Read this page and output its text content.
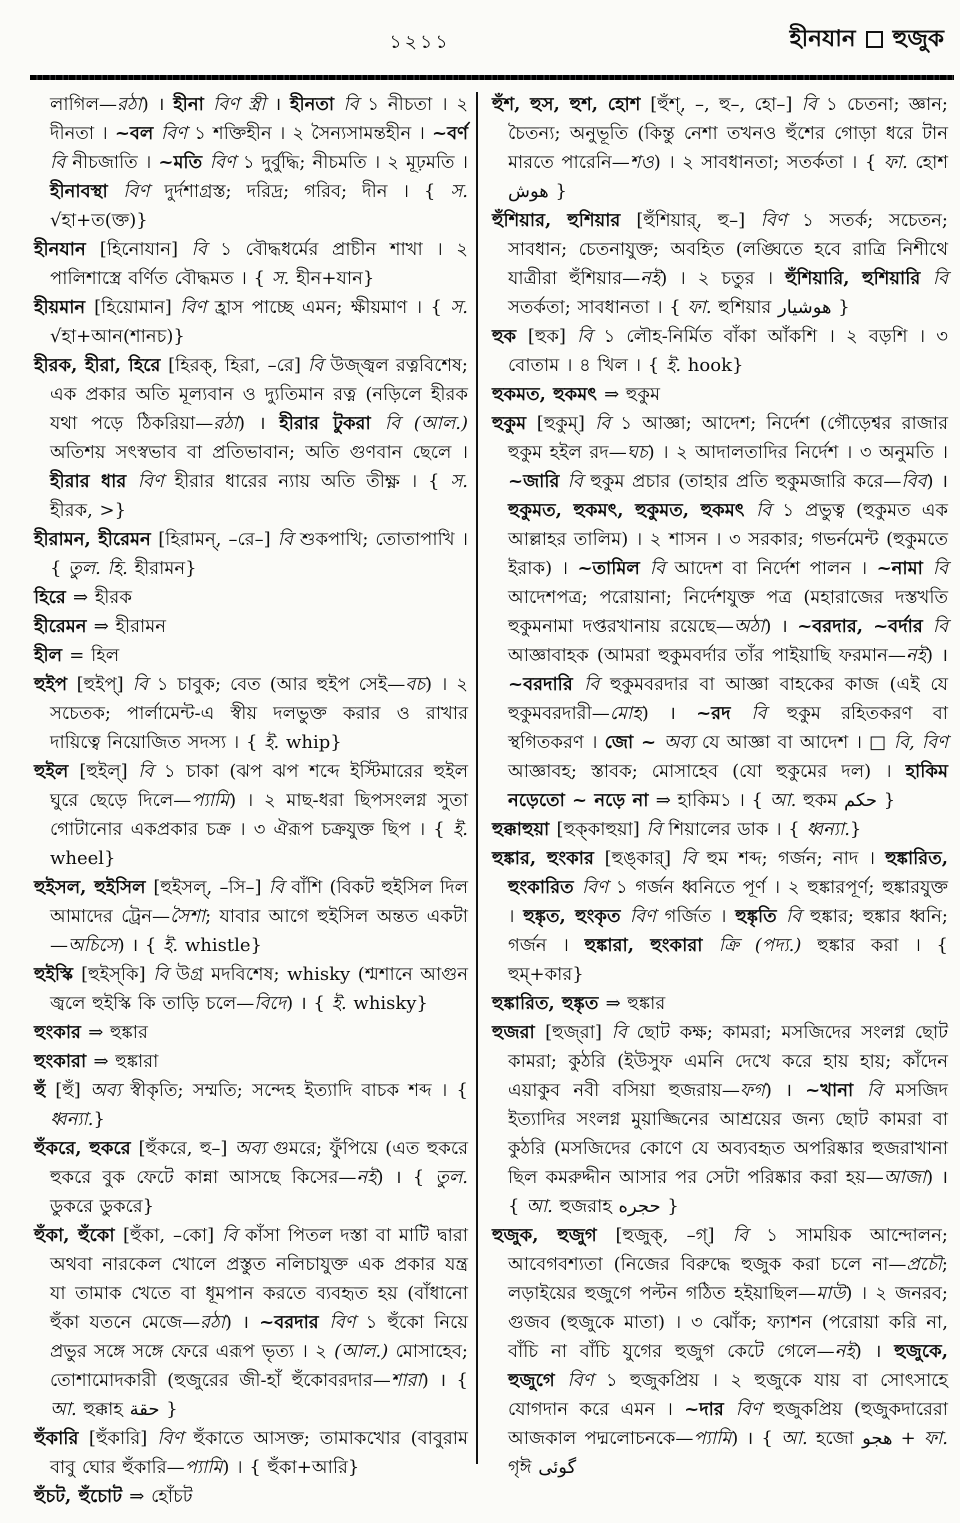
১২১১	হীনযান হুজুক

লাগিল—রঠা) । হীনা বিণ স্ত্রী । হীনতা বি ১ নীচতা । ২ দীনতা । ~বল বিণ ১ শক্তিহীন । ২ সৈন্যসামন্তহীন । ~বর্ণ বি নীচজাতি । ~মতি বিণ ১ দুর্বুদ্ধি; নীচমতি । ২ মূঢ়মতি । হীনাবস্থা বিণ দুর্দশাগ্রস্ত; দরিদ্র; গরিব; দীন । { স. √হা+ত(ক্ত)}

হীনযান [হিনোযান] বি ১ বৌদ্ধধর্মের প্রাচীন শাখা । ২ পালিশাস্ত্রে বর্ণিত বৌদ্ধমত । { স. হীন+যান}

হীয়মান [হিয়োমান] বিণ হ্রাস পাচ্ছে এমন; ক্ষীয়মাণ । { স. √হা+আন(শানচ)}

হীরক, হীরা, হিরে [হিরক্, হিরা, –রে] বি উজ্জ্বল রত্নবিশেষ; এক প্রকার অতি মূল্যবান ও দ্যুতিমান রত্ন (নড়িলে হীরক যথা পড়ে ঠিকরিয়া—রঠা) । হীরার টুকরা বি (আল.) অতিশয় সৎস্বভাব বা প্রতিভাবান; অতি গুণবান ছেলে । হীরার ধার বিণ হীরার ধারের ন্যায় অতি তীক্ষ্ণ । { স. হীরক, >}

হীরামন, হীরেমন [হিরামন্, –রে–] বি শুকপাখি; তোতাপাখি । { তুল. হি. হীরামন}

হিরে ⇒ হীরক

হীরেমন ⇒ হীরামন

হীল = হিল

হুইপ [হুইপ্] বি ১ চাবুক; বেত (আর হুইপ সেই—বচ) । ২ সচেতক; পার্লামেন্ট-এ স্বীয় দলভুক্ত করার ও রাখার দায়িত্বে নিয়োজিত সদস্য । { ই. whip}

হুইল [হুইল্] বি ১ চাকা (ঝপ ঝপ শব্দে ইস্টিমারের হুইল ঘুরে ছেড়ে দিলে—প্যামি) । ২ মাছ-ধরা ছিপসংলগ্ন সুতা গোটানোর একপ্রকার চক্র । ৩ ঐরূপ চক্রযুক্ত ছিপ । { ই. wheel}

হুইসল, হুইসিল [হুইসল্, –সি–] বি বাঁশি (বিকট হুইসিল দিল আমাদের ট্রেন—সৈশা; যাবার আগে হুইসিল অন্তত একটা—অচিসে) । { ই. whistle}

হুইস্কি [হুইস্‌কি] বি উগ্র মদবিশেষ; whisky (শ্মশানে আগুন জ্বলে হুইস্কি কি তাড়ি চলে—বিদে) । { ই. whisky}

হুংকার ⇒ হুঙ্কার

হুংকারা ⇒ হুঙ্কারা

হুঁ [হুঁ] অব্য স্বীকৃতি; সম্মতি; সন্দেহ ইত্যাদি বাচক শব্দ । { ধ্বন্যা.}

হুঁকরে, হুকরে [হুঁকরে, হু–] অব্য গুমরে; ফুঁপিয়ে (এত হুকরে হুকরে বুক ফেটে কান্না আসছে কিসের—নই) । { তুল. ডুকরে ডুকরে}

হুঁকা, হুঁকো [হুঁকা, –কো] বি কাঁসা পিতল দস্তা বা মাটি দ্বারা অথবা নারকেল খোলে প্রস্তুত নলিচাযুক্ত এক প্রকার যন্ত্র যা তামাক খেতে বা ধূমপান করতে ব্যবহৃত হয় (বাঁধানো হুঁকা যতনে মেজে—রঠা) । ~বরদার বিণ ১ হুঁকো নিয়ে প্রভুর সঙ্গে সঙ্গে ফেরে এরূপ ভৃত্য । ২ (আল.) মোসাহেব; তোশামোদকারী (হুজুরের জী-হাঁ হুঁকোবরদার—শারা) । { আ. হুক্কাহ حقة }

হুঁকারি [হুঁকারি] বিণ হুঁকাতে আসক্ত; তামাকখোর (বাবুরাম বাবু ঘোর হুঁকারি—প্যামি) । { হুঁকা+আরি}

হুঁচট, হুঁচোট ⇒ হোঁচট

হুঁশ, হুস, হুশ, হোশ [হুঁশ্, –, হু–, হো–] বি ১ চেতনা; জ্ঞান; চৈতন্য; অনুভূতি (কিন্তু নেশা তখনও হুঁশের গোড়া ধরে টান মারতে পারেনি—শও) । ২ সাবধানতা; সতর্কতা । { ফা. হোশ هوش }

হুঁশিয়ার, হুশিয়ার [হুঁশিয়ার্, হু–] বিণ ১ সতর্ক; সচেতন; সাবধান; চেতনাযুক্ত; অবহিত (লঙ্ঘিতে হবে রাত্রি নিশীথে যাত্রীরা হুঁশিয়ার—নই) । ২ চতুর । হুঁশিয়ারি, হুশিয়ারি বি সতর্কতা; সাবধানতা । { ফা. হুশিয়ার هوشيار }

হুক [হুক] বি ১ লৌহ-নির্মিত বাঁকা আঁকশি । ২ বড়শি । ৩ বোতাম । ৪ খিল । { ই. hook}

হুকমত, হুকমৎ ⇒ হুকুম

হুকুম [হুকুম্] বি ১ আজ্ঞা; আদেশ; নির্দেশ (গৌড়েশ্বর রাজার হুকুম হইল রদ—ঘচ) । ২ আদালতাদির নির্দেশ । ৩ অনুমতি । ~জারি বি হুকুম প্রচার (তাহার প্রতি হুকুমজারি করে—বিব) । হুকুমত, হুকমৎ, হুকুমত, হুকমৎ বি ১ প্রভুত্ব (হুকুমত এক আল্লাহর তালিম) । ২ শাসন । ৩ সরকার; গভর্নমেন্ট (হুকুমতে ইরাক) । ~তামিল বি আদেশ বা নির্দেশ পালন । ~নামা বি আদেশপত্র; পরোয়ানা; নির্দেশযুক্ত পত্র (মহারাজের দস্তখতি হুকুমনামা দপ্তরখানায় রয়েছে—অঠা) । ~বরদার, ~বর্দার বি আজ্ঞাবাহক (আমরা হুকুমবর্দার তাঁর পাইয়াছি ফরমান—নই) । ~বরদারি বি হুকুমবরদার বা আজ্ঞা বাহকের কাজ (এই যে হুকুমবরদারী—মোহ) । ~রদ বি হুকুম রহিতকরণ বা স্থগিতকরণ । জো ~ অব্য যে আজ্ঞা বা আদেশ । □ বি, বিণ আজ্ঞাবহ; স্তাবক; মোসাহেব (যো হুকুমের দল) । হাকিম নড়েতো ~ নড়ে না ⇒ হাকিম১ । { আ. হুকম حكم }

হুক্কাহুয়া [হুক্‌কাহুয়া] বি শিয়ালের ডাক । { ধ্বন্যা.}

হুঙ্কার, হুংকার [হুঙ্‌কার্] বি হুম শব্দ; গর্জন; নাদ । হুঙ্কারিত, হুংকারিত বিণ ১ গর্জন ধ্বনিতে পূর্ণ । ২ হুঙ্কারপূর্ণ; হুঙ্কারযুক্ত । হুঙ্কৃত, হুংকৃত বিণ গর্জিত । হুঙ্কৃতি বি হুঙ্কার; হুঙ্কার ধ্বনি; গর্জন । হুঙ্কারা, হুংকারা ক্রি (পদ্য.) হুঙ্কার করা । { হুম্+কার}

হুঙ্কারিত, হুঙ্কৃত ⇒ হুঙ্কার

হুজরা [হুজ্‌রা] বি ছোট কক্ষ; কামরা; মসজিদের সংলগ্ন ছোট কামরা; কুঠরি (ইউসুফ এমনি দেখে করে হায় হায়; কাঁদেন এয়াকুব নবী বসিয়া হুজরায়—ফগ) । ~খানা বি মসজিদ ইত্যাদির সংলগ্ন মুয়াজ্জিনের আশ্রয়ের জন্য ছোট কামরা বা কুঠরি (মসজিদের কোণে যে অব্যবহৃত অপরিষ্কার হুজরাখানা ছিল কমরুদ্দীন আসার পর সেটা পরিষ্কার করা হয়—আজা) । { আ. হুজরাহ حجره }

হুজুক, হুজুগ [হুজুক্, –গ্] বি ১ সাময়িক আন্দোলন; আবেগবশ্যতা (নিজের বিরুদ্ধে হুজুক করা চলে না—প্রচৌ; লড়াইয়ের হুজুগে পল্টন গঠিত হইয়াছিল—মাউ) । ২ জনরব; গুজব (হুজুকে মাতা) । ৩ ঝোঁক; ফ্যাশন (পরোয়া করি না, বাঁচি না বাঁচি যুগের হুজুগ কেটে গেলে—নই) । হুজুকে, হুজুগে বিণ ১ হুজুকপ্রিয় । ২ হুজুকে যায় বা সোৎসাহে যোগদান করে এমন । ~দার বিণ হুজুকপ্রিয় (হুজুকদারেরা আজকাল পদ্মলোচনকে—প্যামি) । { আ. হজো هجو + ফা. গৃঈ گوئى
